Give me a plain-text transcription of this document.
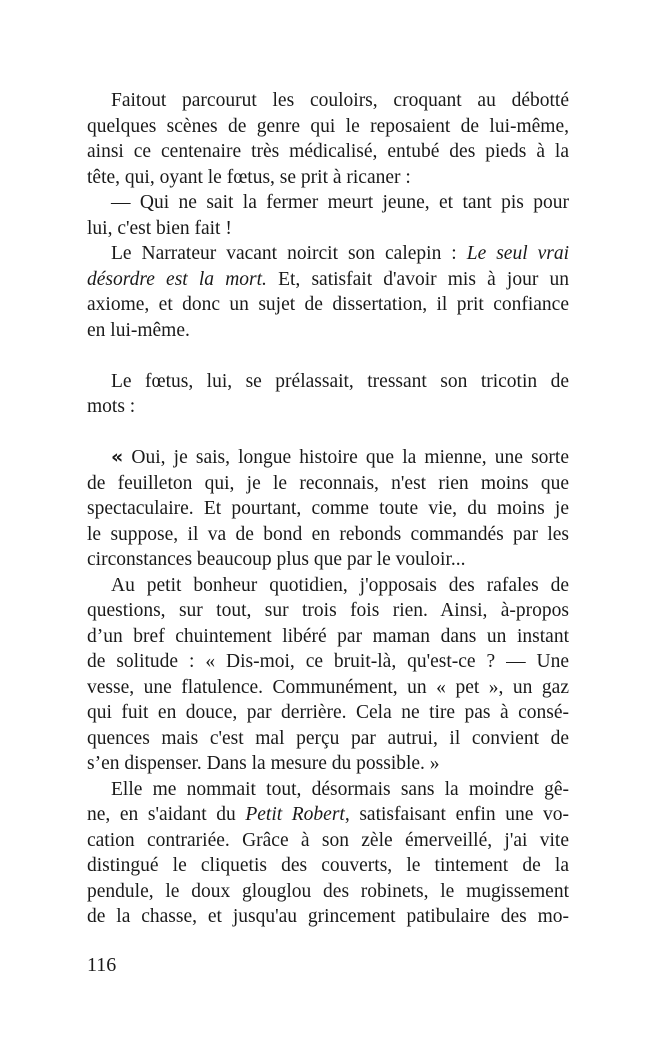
Faitout parcourut les couloirs, croquant au débotté
quelques scènes de genre qui le reposaient de lui-même,
ainsi ce centenaire très médicalisé, entubé des pieds à la
tête, qui, oyant le fœtus, se prit à ricaner :
— Qui ne sait la fermer meurt jeune, et tant pis pour
lui, c'est bien fait !
Le Narrateur vacant noircit son calepin : Le seul vrai
désordre est la mort. Et, satisfait d'avoir mis à jour un
axiome, et donc un sujet de dissertation, il prit confiance
en lui-même.
Le fœtus, lui, se prélassait, tressant son tricotin de
mots :
« Oui, je sais, longue histoire que la mienne, une sorte
de feuilleton qui, je le reconnais, n'est rien moins que
spectaculaire. Et pourtant, comme toute vie, du moins je
le suppose, il va de bond en rebonds commandés par les
circonstances beaucoup plus que par le vouloir...
Au petit bonheur quotidien, j'opposais des rafales de
questions, sur tout, sur trois fois rien. Ainsi, à-propos
d’un bref chuintement libéré par maman dans un instant
de solitude : « Dis-moi, ce bruit-là, qu'est-ce ? — Une
vesse, une flatulence. Communément, un « pet », un gaz
qui fuit en douce, par derrière. Cela ne tire pas à consé-
quences mais c'est mal perçu par autrui, il convient de
s’en dispenser. Dans la mesure du possible. »
Elle me nommait tout, désormais sans la moindre gê-
ne, en s'aidant du Petit Robert, satisfaisant enfin une vo-
cation contrariée. Grâce à son zèle émerveillé, j'ai vite
distingué le cliquetis des couverts, le tintement de la
pendule, le doux glouglou des robinets, le mugissement
de la chasse, et jusqu'au grincement patibulaire des mo-
116
